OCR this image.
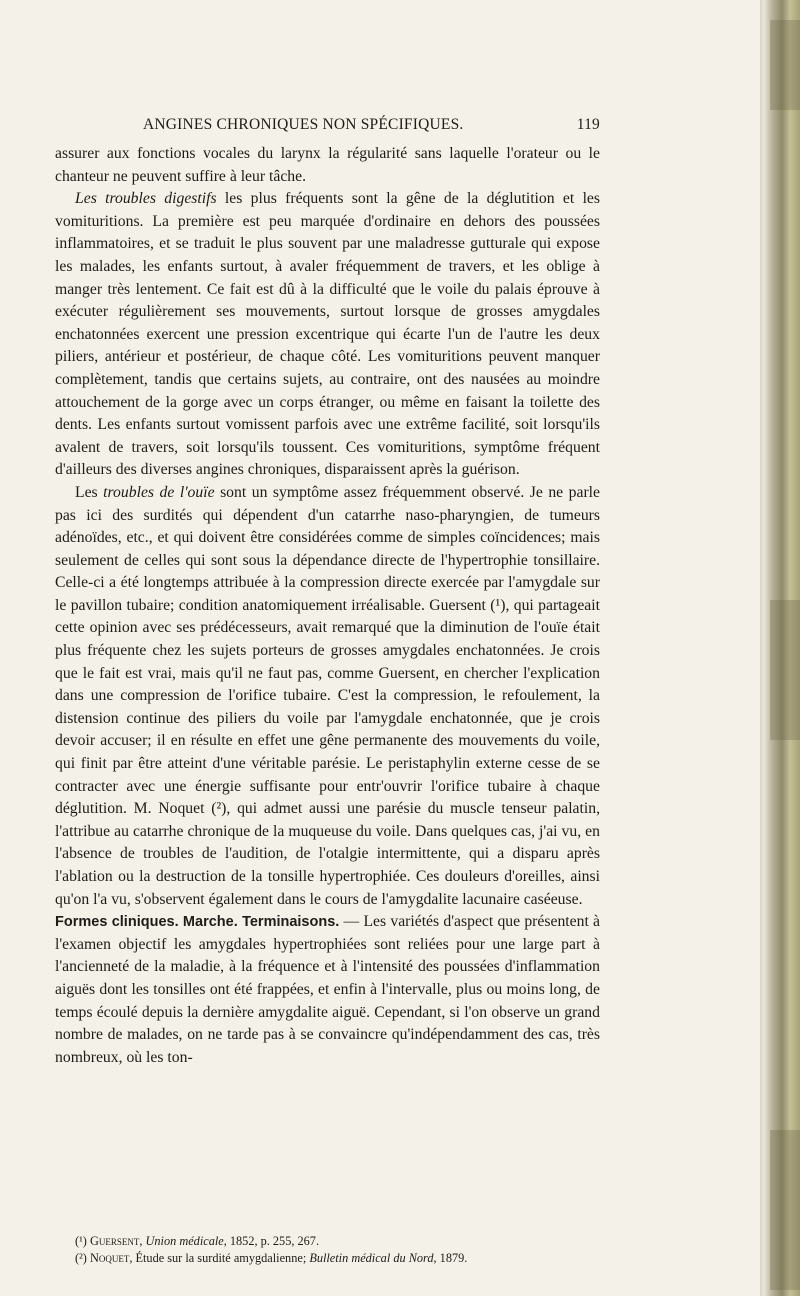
ANGINES CHRONIQUES NON SPÉCIFIQUES.	119

assurer aux fonctions vocales du larynx la régularité sans laquelle l'orateur ou le chanteur ne peuvent suffire à leur tâche.

Les troubles digestifs les plus fréquents sont la gêne de la déglutition et les vomituritions. La première est peu marquée d'ordinaire en dehors des poussées inflammatoires, et se traduit le plus souvent par une maladresse gutturale qui expose les malades, les enfants surtout, à avaler fréquemment de travers, et les oblige à manger très lentement. Ce fait est dû à la difficulté que le voile du palais éprouve à exécuter régulièrement ses mouvements, surtout lorsque de grosses amygdales enchatonnées exercent une pression excentrique qui écarte l'un de l'autre les deux piliers, antérieur et postérieur, de chaque côté. Les vomituritions peuvent manquer complètement, tandis que certains sujets, au contraire, ont des nausées au moindre attouchement de la gorge avec un corps étranger, ou même en faisant la toilette des dents. Les enfants surtout vomissent parfois avec une extrême facilité, soit lorsqu'ils avalent de travers, soit lorsqu'ils toussent. Ces vomituritions, symptôme fréquent d'ailleurs des diverses angines chroniques, disparaissent après la guérison.

Les troubles de l'ouïe sont un symptôme assez fréquemment observé. Je ne parle pas ici des surdités qui dépendent d'un catarrhe naso-pharyngien, de tumeurs adénoïdes, etc., et qui doivent être considérées comme de simples coïncidences; mais seulement de celles qui sont sous la dépendance directe de l'hypertrophie tonsillaire. Celle-ci a été longtemps attribuée à la compression directe exercée par l'amygdale sur le pavillon tubaire; condition anatomiquement irréalisable. Guersent (¹), qui partageait cette opinion avec ses prédécesseurs, avait remarqué que la diminution de l'ouïe était plus fréquente chez les sujets porteurs de grosses amygdales enchatonnées. Je crois que le fait est vrai, mais qu'il ne faut pas, comme Guersent, en chercher l'explication dans une compression de l'orifice tubaire. C'est la compression, le refoulement, la distension continue des piliers du voile par l'amygdale enchatonnée, que je crois devoir accuser; il en résulte en effet une gêne permanente des mouvements du voile, qui finit par être atteint d'une véritable parésie. Le peristaphylin externe cesse de se contracter avec une énergie suffisante pour entr'ouvrir l'orifice tubaire à chaque déglutition. M. Noquet (²), qui admet aussi une parésie du muscle tenseur palatin, l'attribue au catarrhe chronique de la muqueuse du voile. Dans quelques cas, j'ai vu, en l'absence de troubles de l'audition, de l'otalgie intermittente, qui a disparu après l'ablation ou la destruction de la tonsille hypertrophiée. Ces douleurs d'oreilles, ainsi qu'on l'a vu, s'observent également dans le cours de l'amygdalite lacunaire caséeuse.

Formes cliniques. Marche. Terminaisons. — Les variétés d'aspect que présentent à l'examen objectif les amygdales hypertrophiées sont reliées pour une large part à l'ancienneté de la maladie, à la fréquence et à l'intensité des poussées d'inflammation aiguës dont les tonsilles ont été frappées, et enfin à l'intervalle, plus ou moins long, de temps écoulé depuis la dernière amygdalite aiguë. Cependant, si l'on observe un grand nombre de malades, on ne tarde pas à se convaincre qu'indépendamment des cas, très nombreux, où les ton-

(¹) Guersent, Union médicale, 1852, p. 255, 267.

(²) Noquet, Étude sur la surdité amygdalienne; Bulletin médical du Nord, 1879.
